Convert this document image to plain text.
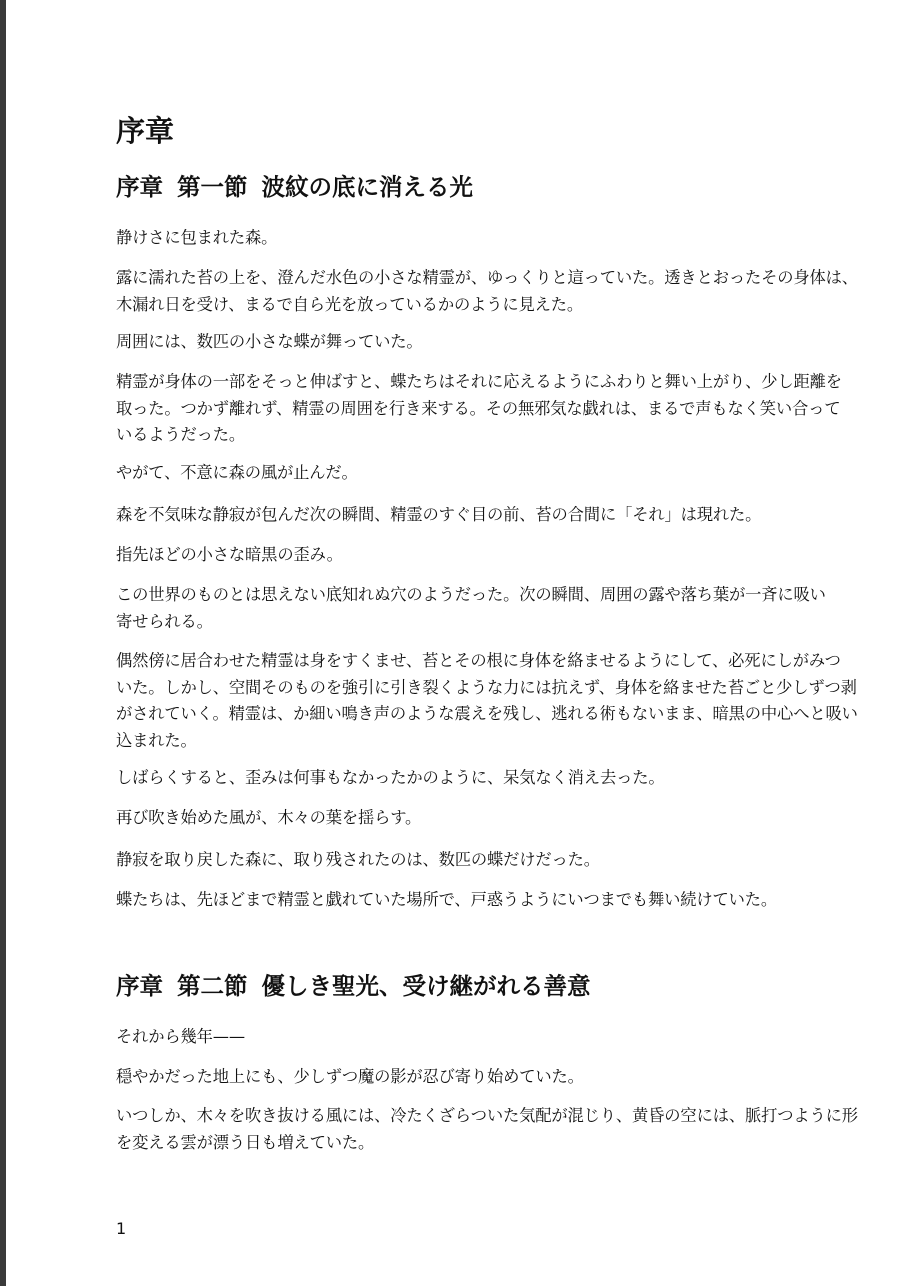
序章
序章 第一節 波紋の底に消える光

静けさに包まれた森。

露に濡れた苔の上を、澄んだ水色の小さな精霊が、ゆっくりと這っていた。透きとおったその身体は、
木漏れ日を受け、まるで自ら光を放っているかのように見えた。

周囲には、数匹の小さな蝶が舞っていた。

精霊が身体の一部をそっと伸ばすと、蝶たちはそれに応えるようにふわりと舞い上がり、少し距離を
取った。つかず離れず、精霊の周囲を行き来する。その無邪気な戯れは、まるで声もなく笑い合って
いるようだった。

やがて、不意に森の風が止んだ。

森を不気味な静寂が包んだ次の瞬間、精霊のすぐ目の前、苔の合間に「それ」は現れた。

指先ほどの小さな暗黒の歪み。

この世界のものとは思えない底知れぬ穴のようだった。次の瞬間、周囲の露や落ち葉が一斉に吸い
寄せられる。

偶然傍に居合わせた精霊は身をすくませ、苔とその根に身体を絡ませるようにして、必死にしがみつ
いた。しかし、空間そのものを強引に引き裂くような力には抗えず、身体を絡ませた苔ごと少しずつ剥
がされていく。精霊は、か細い鳴き声のような震えを残し、逃れる術もないまま、暗黒の中心へと吸い
込まれた。

しばらくすると、歪みは何事もなかったかのように、呆気なく消え去った。

再び吹き始めた風が、木々の葉を揺らす。

静寂を取り戻した森に、取り残されたのは、数匹の蝶だけだった。

蝶たちは、先ほどまで精霊と戯れていた場所で、戸惑うようにいつまでも舞い続けていた。

序章 第二節 優しき聖光、受け継がれる善意

それから幾年——

穏やかだった地上にも、少しずつ魔の影が忍び寄り始めていた。

いつしか、木々を吹き抜ける風には、冷たくざらついた気配が混じり、黄昏の空には、脈打つように形
を変える雲が漂う日も増えていた。

1
